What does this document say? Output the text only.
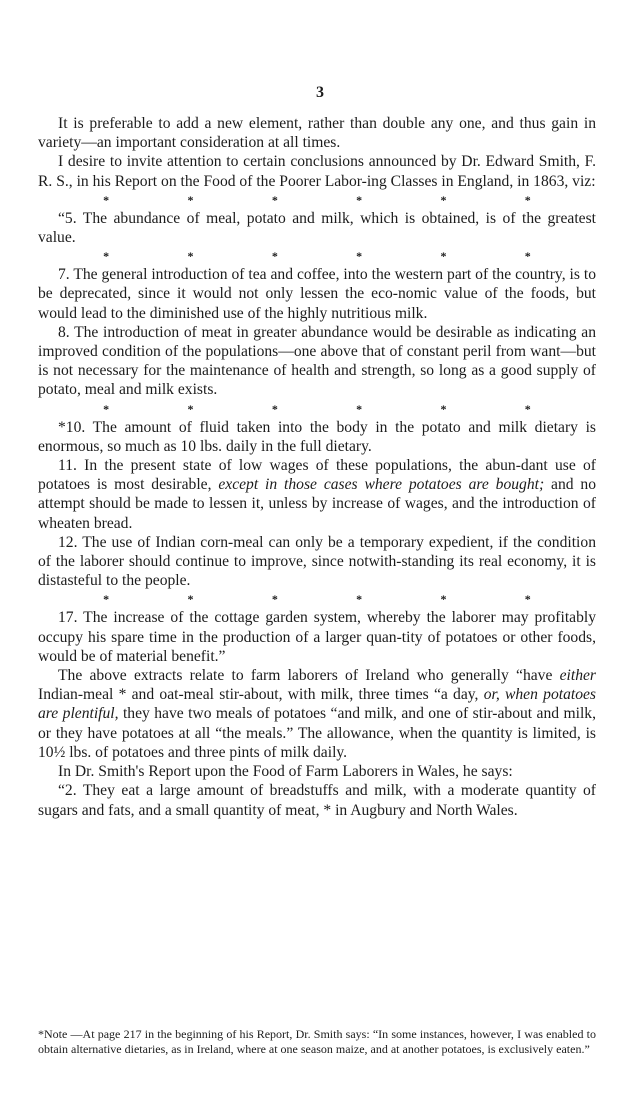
3

It is preferable to add a new element, rather than double any one, and thus gain in variety—an important consideration at all times.

I desire to invite attention to certain conclusions announced by Dr. Edward Smith, F. R. S., in his Report on the Food of the Poorer Labor-ing Classes in England, in 1863, viz:

*	*	*	*	*	*

“5. The abundance of meal, potato and milk, which is obtained, is of the greatest value.

*	*	*	*	*	*

7. The general introduction of tea and coffee, into the western part of the country, is to be deprecated, since it would not only lessen the eco-nomic value of the foods, but would lead to the diminished use of the highly nutritious milk.

8. The introduction of meat in greater abundance would be desirable as indicating an improved condition of the populations—one above that of constant peril from want—but is not necessary for the maintenance of health and strength, so long as a good supply of potato, meal and milk exists.

*	*	*	*	*	*

*10. The amount of fluid taken into the body in the potato and milk dietary is enormous, so much as 10 lbs. daily in the full dietary.

11. In the present state of low wages of these populations, the abun-dant use of potatoes is most desirable, except in those cases where potatoes are bought; and no attempt should be made to lessen it, unless by increase of wages, and the introduction of wheaten bread.

12. The use of Indian corn-meal can only be a temporary expedient, if the condition of the laborer should continue to improve, since notwith-standing its real economy, it is distasteful to the people.

*	*	*	*	*	*

17. The increase of the cottage garden system, whereby the laborer may profitably occupy his spare time in the production of a larger quan-tity of potatoes or other foods, would be of material benefit.”

The above extracts relate to farm laborers of Ireland who generally “have either Indian-meal * and oat-meal stir-about, with milk, three times “a day, or, when potatoes are plentiful, they have two meals of potatoes “and milk, and one of stir-about and milk, or they have potatoes at all “the meals.” The allowance, when the quantity is limited, is 10½ lbs. of potatoes and three pints of milk daily.

In Dr. Smith's Report upon the Food of Farm Laborers in Wales, he says:

“2. They eat a large amount of breadstuffs and milk, with a moderate quantity of sugars and fats, and a small quantity of meat, * in Augbury and North Wales.

*Note —At page 217 in the beginning of his Report, Dr. Smith says: “In some instances, however, I was enabled to obtain alternative dietaries, as in Ireland, where at one season maize, and at another potatoes, is exclusively eaten.”
